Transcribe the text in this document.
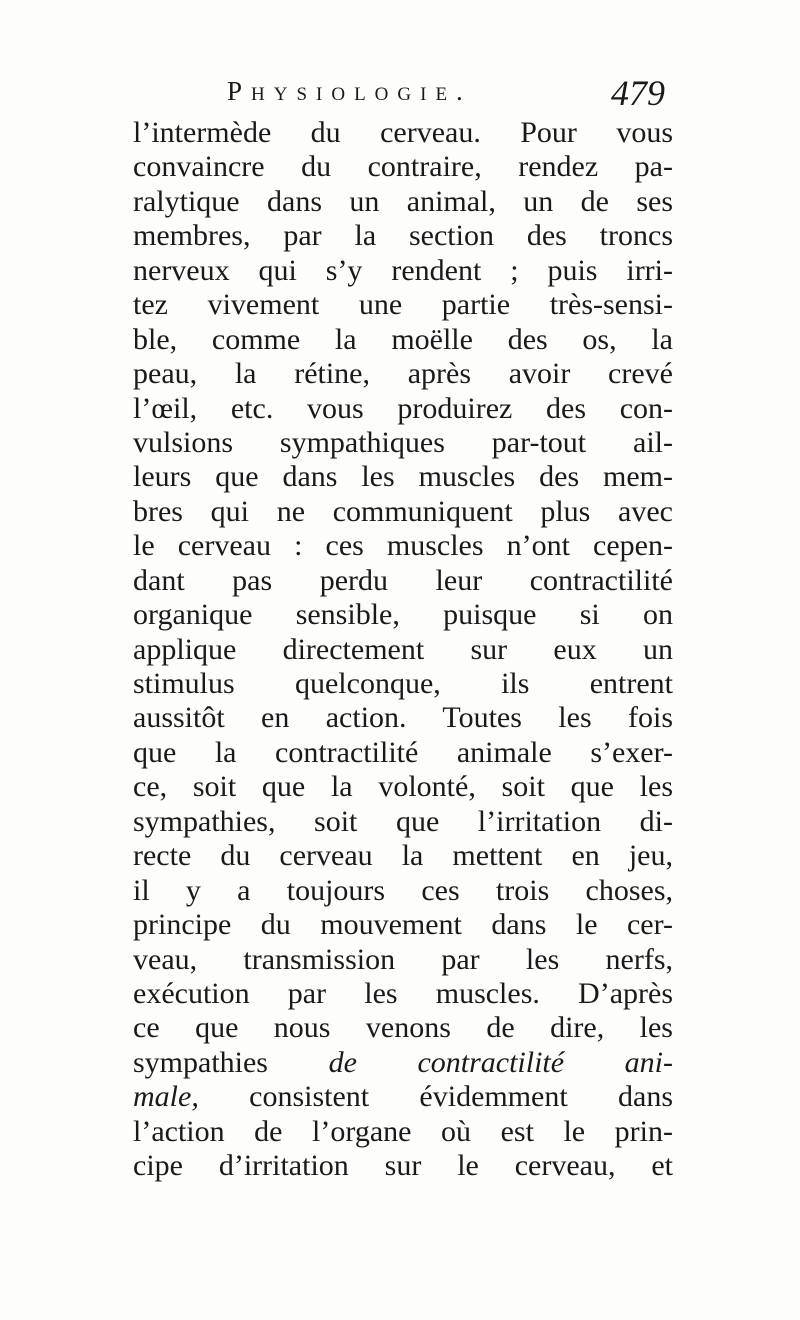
Physiologie.	479
l’intermède du cerveau. Pour vous
convaincre du contraire, rendez pa-
ralytique dans un animal, un de ses
membres, par la section des troncs
nerveux qui s’y rendent ; puis irri-
tez vivement une partie très-sensi-
ble, comme la moëlle des os, la
peau, la rétine, après avoir crevé
l’œil, etc. vous produirez des con-
vulsions sympathiques par-tout ail-
leurs que dans les muscles des mem-
bres qui ne communiquent plus avec
le cerveau : ces muscles n’ont cepen-
dant pas perdu leur contractilité
organique sensible, puisque si on
applique directement sur eux un
stimulus quelconque, ils entrent
aussitôt en action. Toutes les fois
que la contractilité animale s’exer-
ce, soit que la volonté, soit que les
sympathies, soit que l’irritation di-
recte du cerveau la mettent en jeu,
il y a toujours ces trois choses,
principe du mouvement dans le cer-
veau, transmission par les nerfs,
exécution par les muscles. D’après
ce que nous venons de dire, les
sympathies de contractilité ani-
male, consistent évidemment dans
l’action de l’organe où est le prin-
cipe d’irritation sur le cerveau, et
